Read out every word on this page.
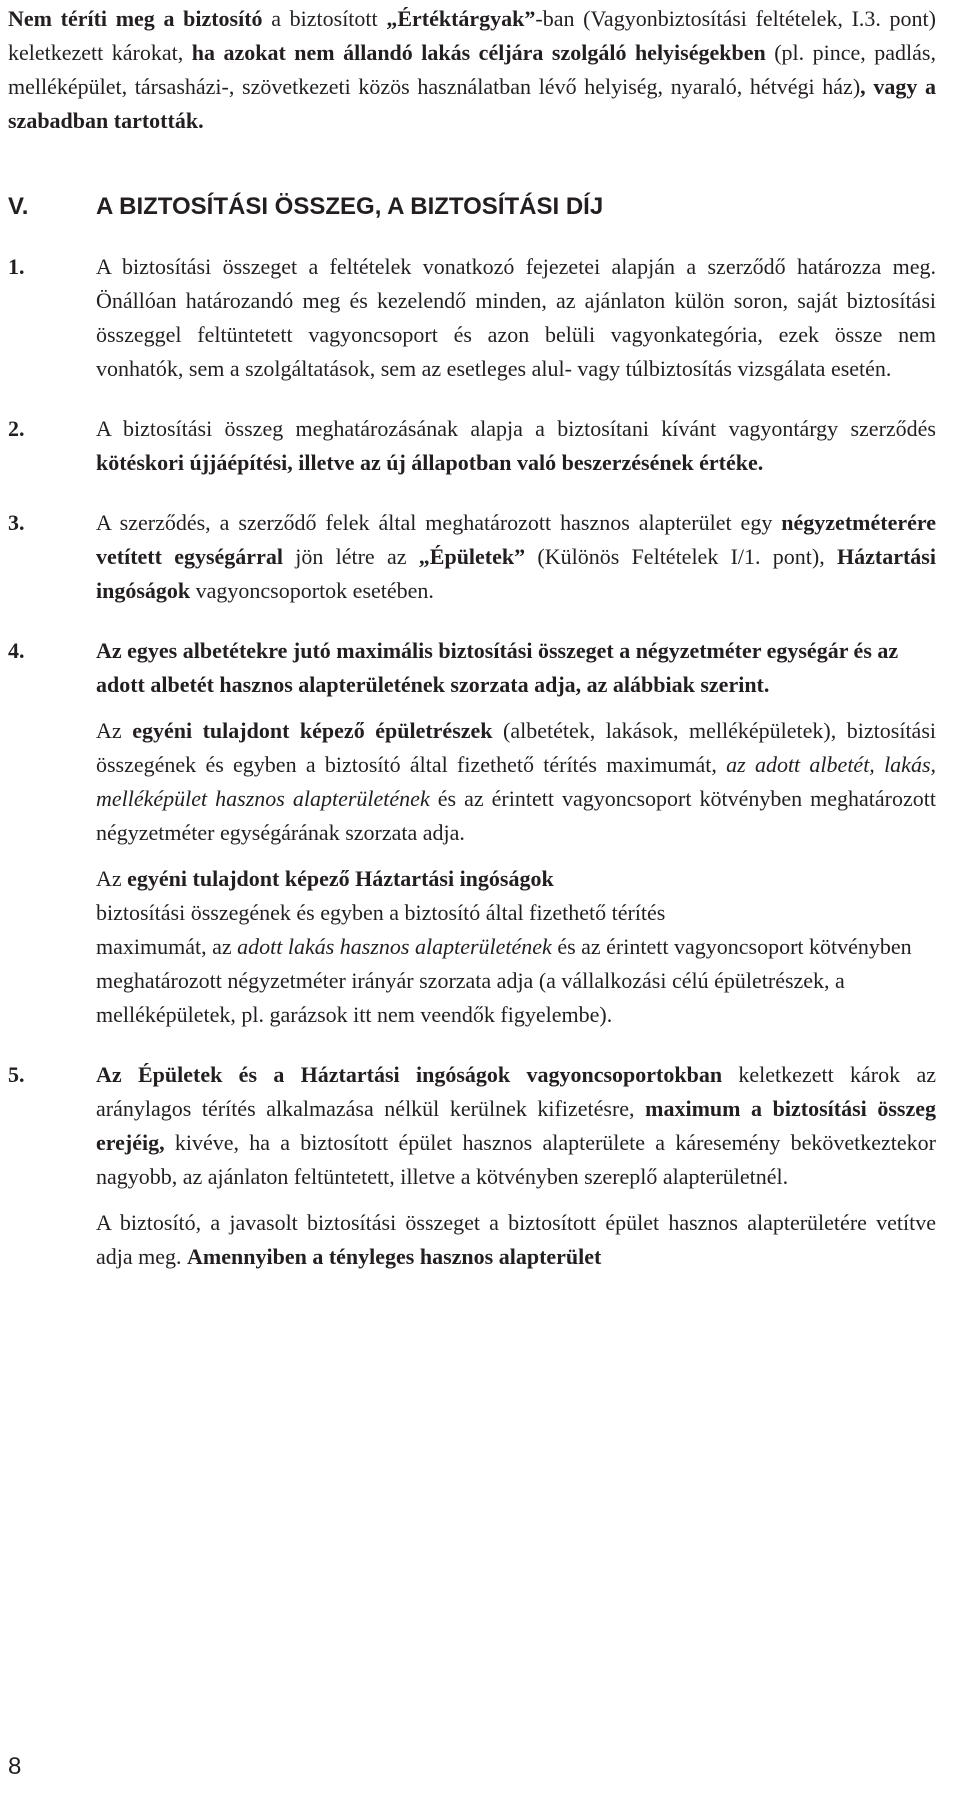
Nem téríti meg a biztosító a biztosított „Értéktárgyak”-ban (Vagyonbiztosítási feltételek, I.3. pont) keletkezett károkat, ha azokat nem állandó lakás céljára szolgáló helyiségekben (pl. pince, padlás, melléképület, társasházi-, szövetkezeti közös használatban lévő helyiség, nyaraló, hétvégi ház), vagy a szabadban tartották.

V.	A BIZTOSÍTÁSI ÖSSZEG, A BIZTOSÍTÁSI DÍJ
1.	A biztosítási összeget a feltételek vonatkozó fejezetei alapján a szerződő határozza meg. Önállóan határozandó meg és kezelendő minden, az ajánlaton külön soron, saját biztosítási összeggel feltüntetett vagyoncsoport és azon belüli vagyonkategória, ezek össze nem vonhatók, sem a szolgáltatások, sem az esetleges alul- vagy túlbiztosítás vizsgálata esetén.

2.	A biztosítási összeg meghatározásának alapja a biztosítani kívánt vagyontárgy szerződés kötéskori újjáépítési, illetve az új állapotban való beszerzésének értéke.

3.	A szerződés, a szerződő felek által meghatározott hasznos alapterület egy négyzetméterére vetített egységárral jön létre az „Épületek” (Különös Feltételek I/1. pont), Háztartási ingóságok vagyoncsoportok esetében.

4.	Az egyes albetétekre jutó maximális biztosítási összeget a négyzetméter egységár és az adott albetét hasznos alapterületének szorzata adja, az alábbiak szerint.

Az egyéni tulajdont képező épületrészek (albetétek, lakások, melléképületek), biztosítási összegének és egyben a biztosító által fizethető térítés maximumát, az adott albetét, lakás, melléképület hasznos alapterületének és az érintett vagyoncsoport kötvényben meghatározott négyzetméter egységárának szorzata adja.

Az egyéni tulajdont képező Háztartási ingóságok
biztosítási összegének és egyben a biztosító által fizethető térítés
maximumát, az adott lakás hasznos alapterületének és az érintett vagyoncsoport kötvényben meghatározott négyzetméter irányár szorzata adja (a vállalkozási célú épületrészek, a melléképületek, pl. garázsok itt nem veendők figyelembe).

5.	Az Épületek és a Háztartási ingóságok vagyoncsoportokban keletkezett károk az aránylagos térítés alkalmazása nélkül kerülnek kifizetésre, maximum a biztosítási összeg erejéig, kivéve, ha a biztosított épület hasznos alapterülete a káresemény bekövetkeztekor nagyobb, az ajánlaton feltüntetett, illetve a kötvényben szereplő alapterületnél.

A biztosító, a javasolt biztosítási összeget a biztosított épület hasznos alapterületére vetítve adja meg. Amennyiben a tényleges hasznos alapterület

8
